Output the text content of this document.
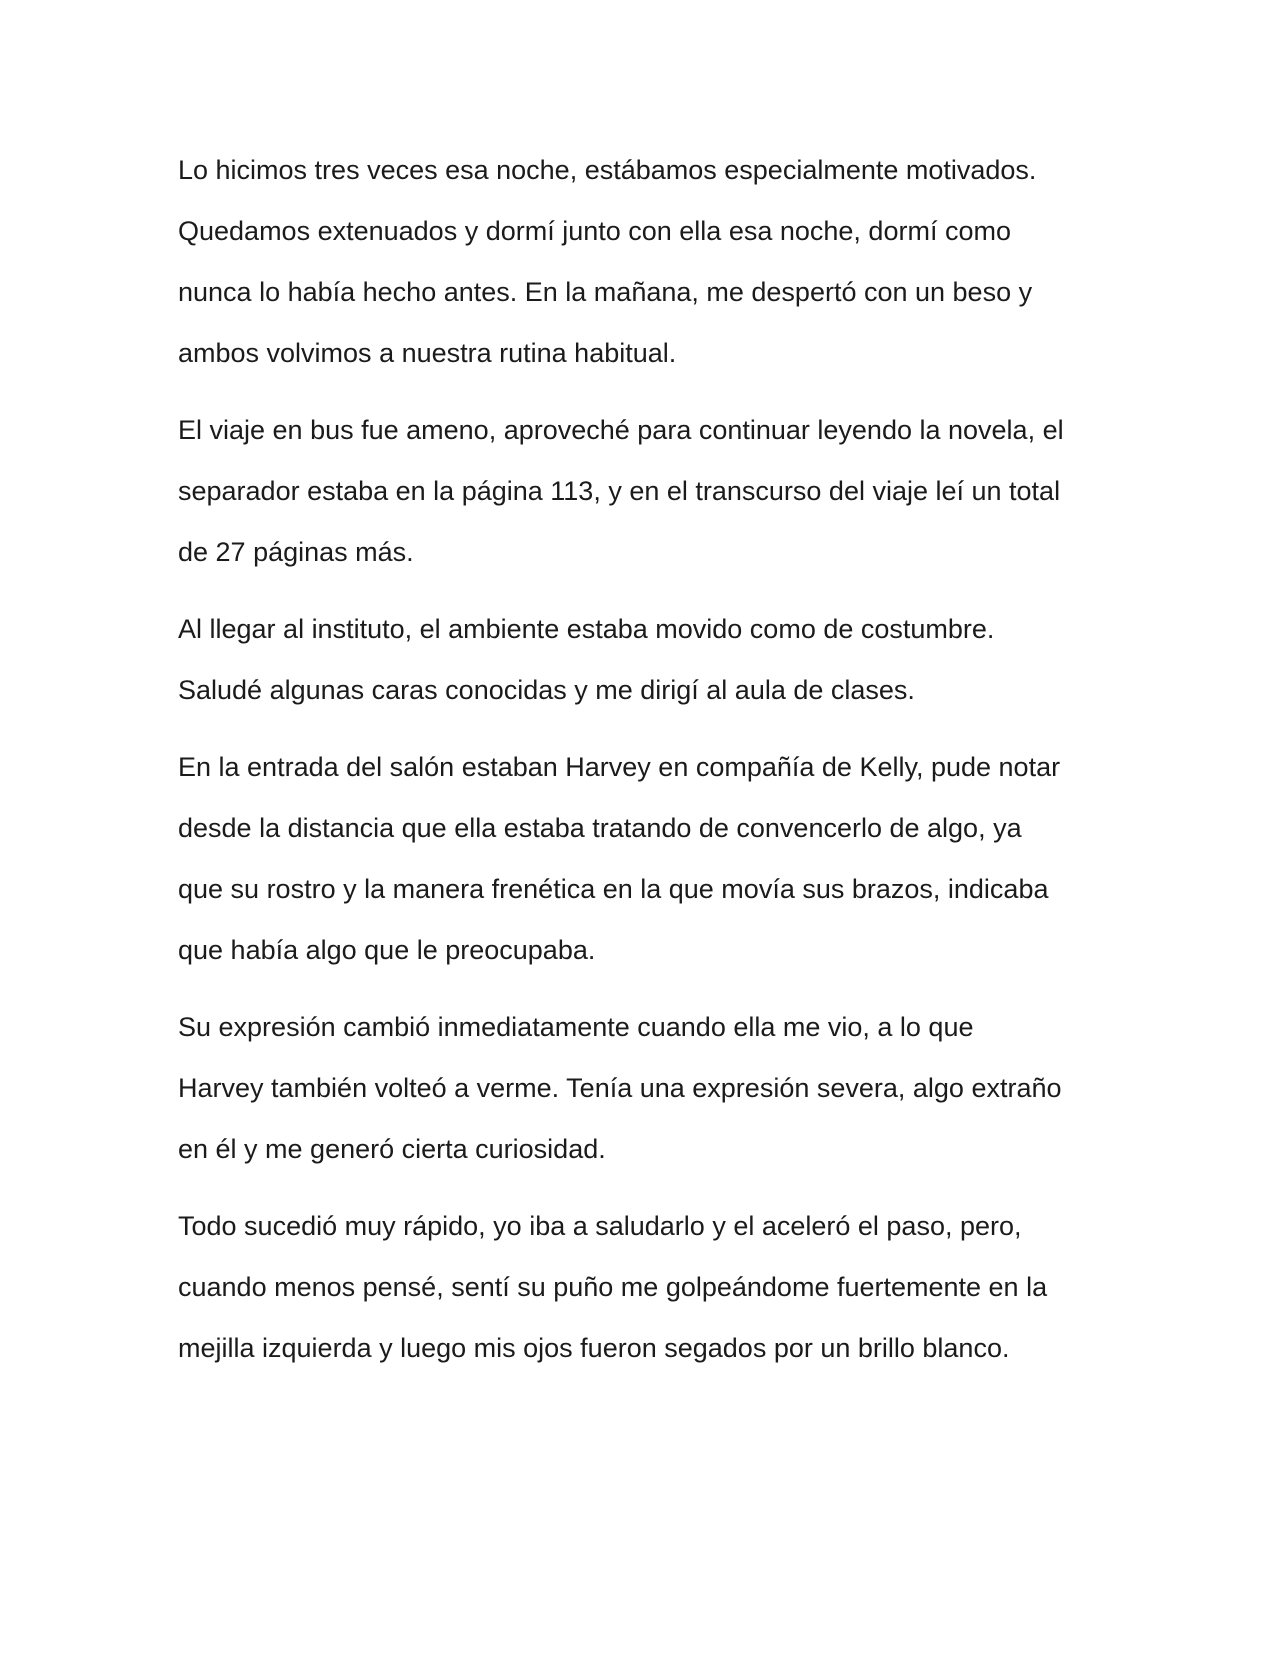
Lo hicimos tres veces esa noche, estábamos especialmente motivados.
Quedamos extenuados y dormí junto con ella esa noche, dormí como
nunca lo había hecho antes. En la mañana, me despertó con un beso y
ambos volvimos a nuestra rutina habitual.

El viaje en bus fue ameno, aproveché para continuar leyendo la novela, el
separador estaba en la página 113, y en el transcurso del viaje leí un total
de 27 páginas más.

Al llegar al instituto, el ambiente estaba movido como de costumbre.
Saludé algunas caras conocidas y me dirigí al aula de clases.

En la entrada del salón estaban Harvey en compañía de Kelly, pude notar
desde la distancia que ella estaba tratando de convencerlo de algo, ya
que su rostro y la manera frenética en la que movía sus brazos, indicaba
que había algo que le preocupaba.

Su expresión cambió inmediatamente cuando ella me vio, a lo que
Harvey también volteó a verme. Tenía una expresión severa, algo extraño
en él y me generó cierta curiosidad.

Todo sucedió muy rápido, yo iba a saludarlo y el aceleró el paso, pero,
cuando menos pensé, sentí su puño me golpeándome fuertemente en la
mejilla izquierda y luego mis ojos fueron segados por un brillo blanco.
